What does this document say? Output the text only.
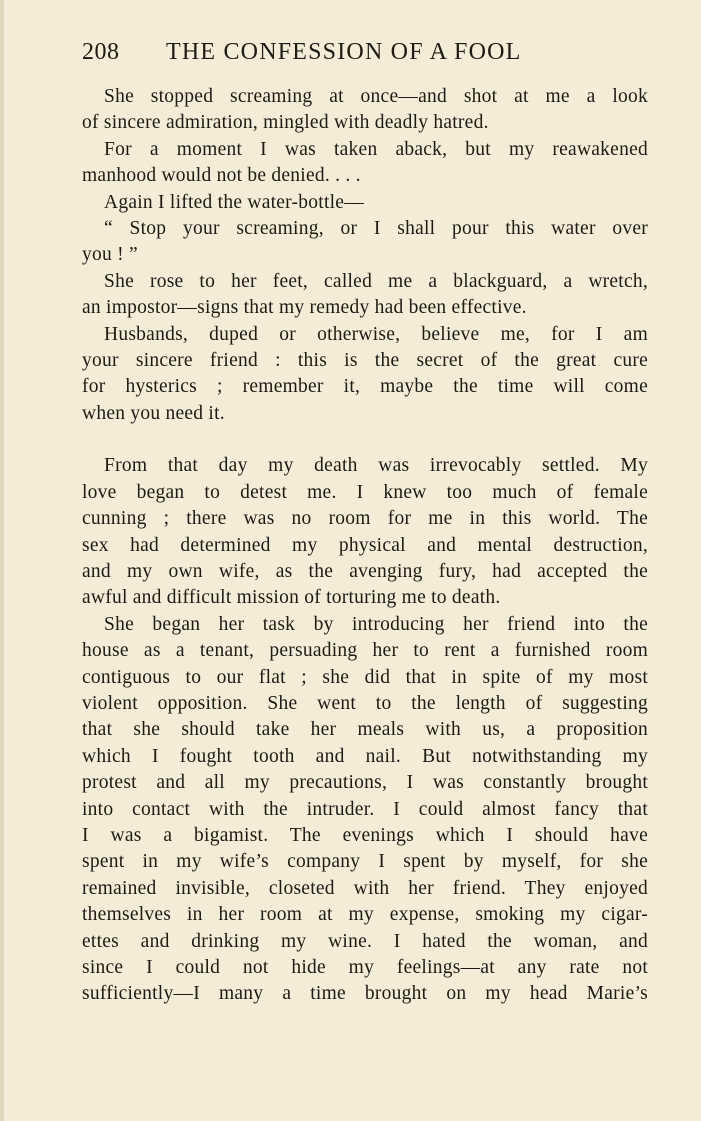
208 THE CONFESSION OF A FOOL
She stopped screaming at once—and shot at me a look
of sincere admiration, mingled with deadly hatred.
For a moment I was taken aback, but my reawakened
manhood would not be denied. . . .
Again I lifted the water-bottle—
“ Stop your screaming, or I shall pour this water over
you ! ”
She rose to her feet, called me a blackguard, a wretch,
an impostor—signs that my remedy had been effective.
Husbands, duped or otherwise, believe me, for I am
your sincere friend : this is the secret of the great cure
for hysterics ; remember it, maybe the time will come
when you need it.
From that day my death was irrevocably settled. My
love began to detest me. I knew too much of female
cunning ; there was no room for me in this world. The
sex had determined my physical and mental destruction,
and my own wife, as the avenging fury, had accepted the
awful and difficult mission of torturing me to death.
She began her task by introducing her friend into the
house as a tenant, persuading her to rent a furnished room
contiguous to our flat ; she did that in spite of my most
violent opposition. She went to the length of suggesting
that she should take her meals with us, a proposition
which I fought tooth and nail. But notwithstanding my
protest and all my precautions, I was constantly brought
into contact with the intruder. I could almost fancy that
I was a bigamist. The evenings which I should have
spent in my wife’s company I spent by myself, for she
remained invisible, closeted with her friend. They enjoyed
themselves in her room at my expense, smoking my cigar-
ettes and drinking my wine. I hated the woman, and
since I could not hide my feelings—at any rate not
sufficiently—I many a time brought on my head Marie’s
